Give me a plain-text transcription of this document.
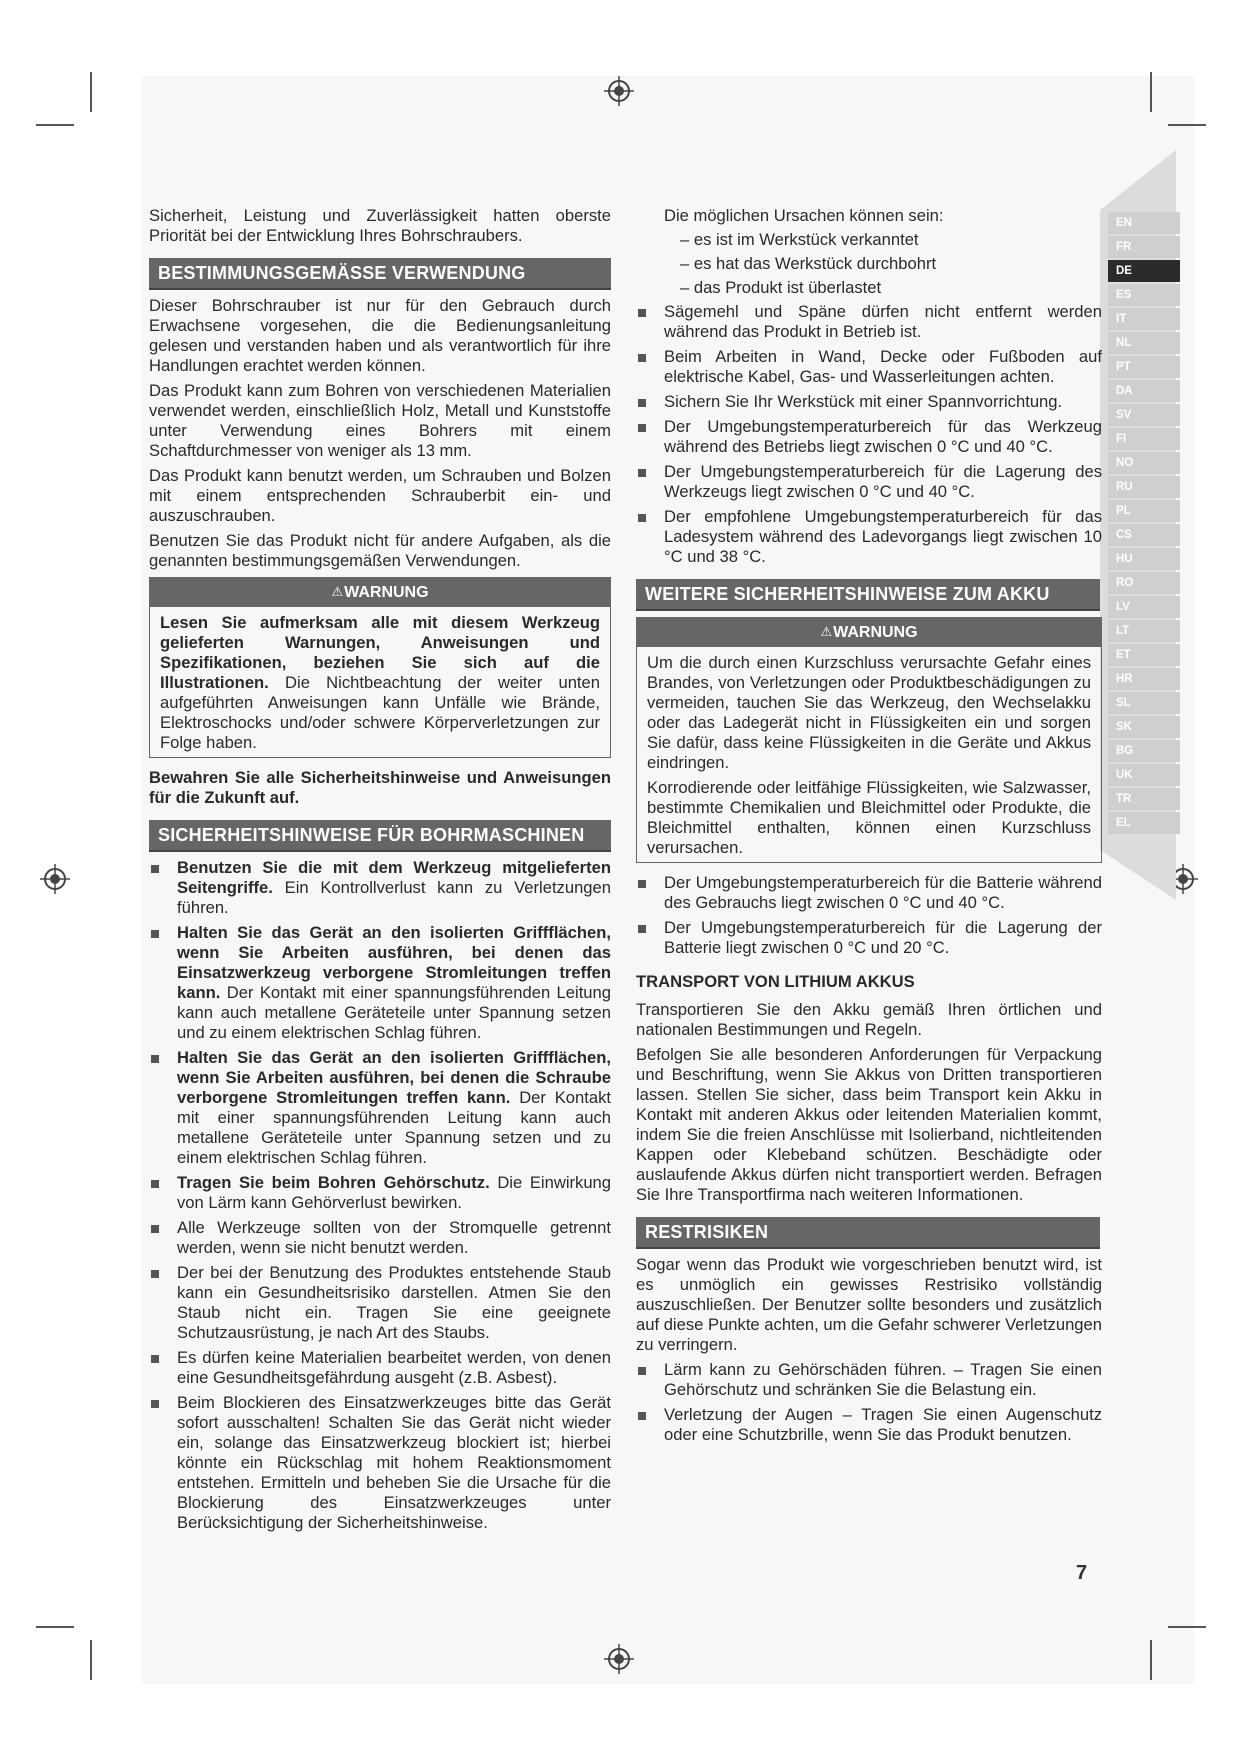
EN
FR
DE
ES
IT
NL
PT
DA
SV
FI
NO
RU
PL
CS
HU
RO
LV
LT
ET
HR
SL
SK
BG
UK
TR
EL

Sicherheit, Leistung und Zuverlässigkeit hatten oberste Priorität bei der Entwicklung Ihres Bohrschraubers.

BESTIMMUNGSGEMÄSSE VERWENDUNG

Dieser Bohrschrauber ist nur für den Gebrauch durch Erwachsene vorgesehen, die die Bedienungsanleitung gelesen und verstanden haben und als verantwortlich für ihre Handlungen erachtet werden können.

Das Produkt kann zum Bohren von verschiedenen Materialien verwendet werden, einschließlich Holz, Metall und Kunststoffe unter Verwendung eines Bohrers mit einem Schaftdurchmesser von weniger als 13 mm.

Das Produkt kann benutzt werden, um Schrauben und Bolzen mit einem entsprechenden Schrauberbit ein- und auszuschrauben.

Benutzen Sie das Produkt nicht für andere Aufgaben, als die genannten bestimmungsgemäßen Verwendungen.

⚠WARNUNG

Lesen Sie aufmerksam alle mit diesem Werkzeug gelieferten Warnungen, Anweisungen und Spezifikationen, beziehen Sie sich auf die Illustrationen. Die Nichtbeachtung der weiter unten aufgeführten Anweisungen kann Unfälle wie Brände, Elektroschocks und/oder schwere Körperverletzungen zur Folge haben.

Bewahren Sie alle Sicherheitshinweise und Anweisungen für die Zukunft auf.

SICHERHEITSHINWEISE FÜR BOHRMASCHINEN
Benutzen Sie die mit dem Werkzeug mitgelieferten Seitengriffe. Ein Kontrollverlust kann zu Verletzungen führen.
Halten Sie das Gerät an den isolierten Griffflächen, wenn Sie Arbeiten ausführen, bei denen das Einsatzwerkzeug verborgene Stromleitungen treffen kann. Der Kontakt mit einer spannungsführenden Leitung kann auch metallene Geräteteile unter Spannung setzen und zu einem elektrischen Schlag führen.
Halten Sie das Gerät an den isolierten Griffflächen, wenn Sie Arbeiten ausführen, bei denen die Schraube verborgene Stromleitungen treffen kann. Der Kontakt mit einer spannungsführenden Leitung kann auch metallene Geräteteile unter Spannung setzen und zu einem elektrischen Schlag führen.
Tragen Sie beim Bohren Gehörschutz. Die Einwirkung von Lärm kann Gehörverlust bewirken.
Alle Werkzeuge sollten von der Stromquelle getrennt werden, wenn sie nicht benutzt werden.
Der bei der Benutzung des Produktes entstehende Staub kann ein Gesundheitsrisiko darstellen. Atmen Sie den Staub nicht ein. Tragen Sie eine geeignete Schutzausrüstung, je nach Art des Staubs.
Es dürfen keine Materialien bearbeitet werden, von denen eine Gesundheitsgefährdung ausgeht (z.B. Asbest).
Beim Blockieren des Einsatzwerkzeuges bitte das Gerät sofort ausschalten! Schalten Sie das Gerät nicht wieder ein, solange das Einsatzwerkzeug blockiert ist; hierbei könnte ein Rückschlag mit hohem Reaktionsmoment entstehen. Ermitteln und beheben Sie die Ursache für die Blockierung des Einsatzwerkzeuges unter Berücksichtigung der Sicherheitshinweise.

Die möglichen Ursachen können sein:

– es ist im Werkstück verkanntet
– es hat das Werkstück durchbohrt
– das Produkt ist überlastet
Sägemehl und Späne dürfen nicht entfernt werden während das Produkt in Betrieb ist.
Beim Arbeiten in Wand, Decke oder Fußboden auf elektrische Kabel, Gas- und Wasserleitungen achten.
Sichern Sie Ihr Werkstück mit einer Spannvorrichtung.
Der Umgebungstemperaturbereich für das Werkzeug während des Betriebs liegt zwischen 0 °C und 40 °C.
Der Umgebungstemperaturbereich für die Lagerung des Werkzeugs liegt zwischen 0 °C und 40 °C.
Der empfohlene Umgebungstemperaturbereich für das Ladesystem während des Ladevorgangs liegt zwischen 10 °C und 38 °C.
WEITERE SICHERHEITSHINWEISE ZUM AKKU
⚠WARNUNG

Um die durch einen Kurzschluss verursachte Gefahr eines Brandes, von Verletzungen oder Produktbeschädigungen zu vermeiden, tauchen Sie das Werkzeug, den Wechselakku oder das Ladegerät nicht in Flüssigkeiten ein und sorgen Sie dafür, dass keine Flüssigkeiten in die Geräte und Akkus eindringen.

Korrodierende oder leitfähige Flüssigkeiten, wie Salzwasser, bestimmte Chemikalien und Bleichmittel oder Produkte, die Bleichmittel enthalten, können einen Kurzschluss verursachen.

Der Umgebungstemperaturbereich für die Batterie während des Gebrauchs liegt zwischen 0 °C und 40 °C.
Der Umgebungstemperaturbereich für die Lagerung der Batterie liegt zwischen 0 °C und 20 °C.
TRANSPORT VON LITHIUM AKKUS

Transportieren Sie den Akku gemäß Ihren örtlichen und nationalen Bestimmungen und Regeln.

Befolgen Sie alle besonderen Anforderungen für Verpackung und Beschriftung, wenn Sie Akkus von Dritten transportieren lassen. Stellen Sie sicher, dass beim Transport kein Akku in Kontakt mit anderen Akkus oder leitenden Materialien kommt, indem Sie die freien Anschlüsse mit Isolierband, nichtleitenden Kappen oder Klebeband schützen. Beschädigte oder auslaufende Akkus dürfen nicht transportiert werden. Befragen Sie Ihre Transportfirma nach weiteren Informationen.

RESTRISIKEN

Sogar wenn das Produkt wie vorgeschrieben benutzt wird, ist es unmöglich ein gewisses Restrisiko vollständig auszuschließen. Der Benutzer sollte besonders und zusätzlich auf diese Punkte achten, um die Gefahr schwerer Verletzungen zu verringern.

Lärm kann zu Gehörschäden führen. – Tragen Sie einen Gehörschutz und schränken Sie die Belastung ein.
Verletzung der Augen – Tragen Sie einen Augenschutz oder eine Schutzbrille, wenn Sie das Produkt benutzen.
7
